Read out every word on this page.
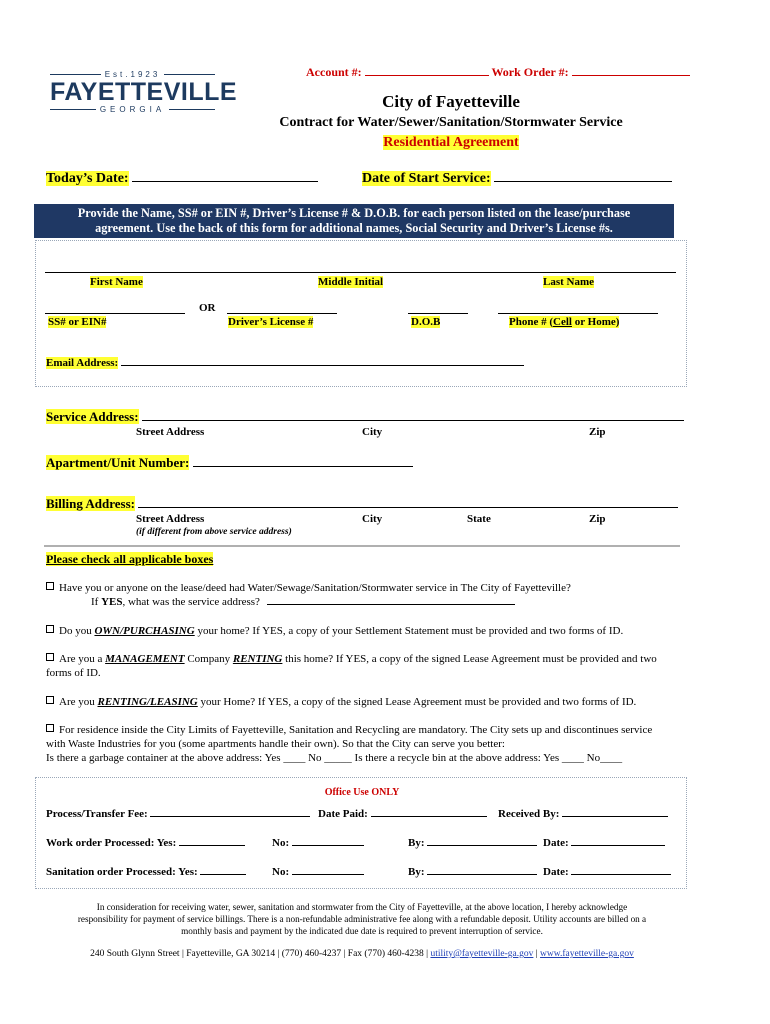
Est.1923
FAYETTEVILLE
GEORGIA
Account #:	Work Order #:
City of Fayetteville
Contract for Water/Sewer/Sanitation/Stormwater Service
Residential Agreement
Today’s Date:	Date of Start Service:
Provide the Name, SS# or EIN #, Driver’s License # & D.O.B. for each person listed on the lease/purchase
agreement. Use the back of this form for additional names, Social Security and Driver’s License #s.
First Name	Middle Initial	Last Name
OR
SS# or EIN#	Driver’s License #	D.O.B	Phone # (Cell or Home)
Email Address:
Service Address:
Street Address	City	Zip
Apartment/Unit Number:
Billing Address:
Street Address	City	State	Zip
(if different from above service address)
Please check all applicable boxes
Have you or anyone on the lease/deed had Water/Sewage/Sanitation/Stormwater service in The City of Fayetteville?
If YES, what was the service address?
Do you OWN/PURCHASING your home? If YES, a copy of your Settlement Statement must be provided and two forms of ID.
Are you a MANAGEMENT Company RENTING this home? If YES, a copy of the signed Lease Agreement must be provided and two
forms of ID.
Are you RENTING/LEASING your Home? If YES, a copy of the signed Lease Agreement must be provided and two forms of ID.
For residence inside the City Limits of Fayetteville, Sanitation and Recycling are mandatory. The City sets up and discontinues service
with Waste Industries for you (some apartments handle their own). So that the City can serve you better:
Is there a garbage container at the above address: Yes ____ No _____ Is there a recycle bin at the above address: Yes ____ No____
Office Use ONLY
Process/Transfer Fee:	Date Paid:	Received By:
Work order Processed: Yes:	No:	By:	Date:
Sanitation order Processed: Yes:	No:	By:	Date:
In consideration for receiving water, sewer, sanitation and stormwater from the City of Fayetteville, at the above location, I hereby acknowledge
responsibility for payment of service billings. There is a non-refundable administrative fee along with a refundable deposit. Utility accounts are billed on a
monthly basis and payment by the indicated due date is required to prevent interruption of service.
240 South Glynn Street | Fayetteville, GA 30214 | (770) 460-4237 | Fax (770) 460-4238 | utility@fayetteville-ga.gov | www.fayetteville-ga.gov
